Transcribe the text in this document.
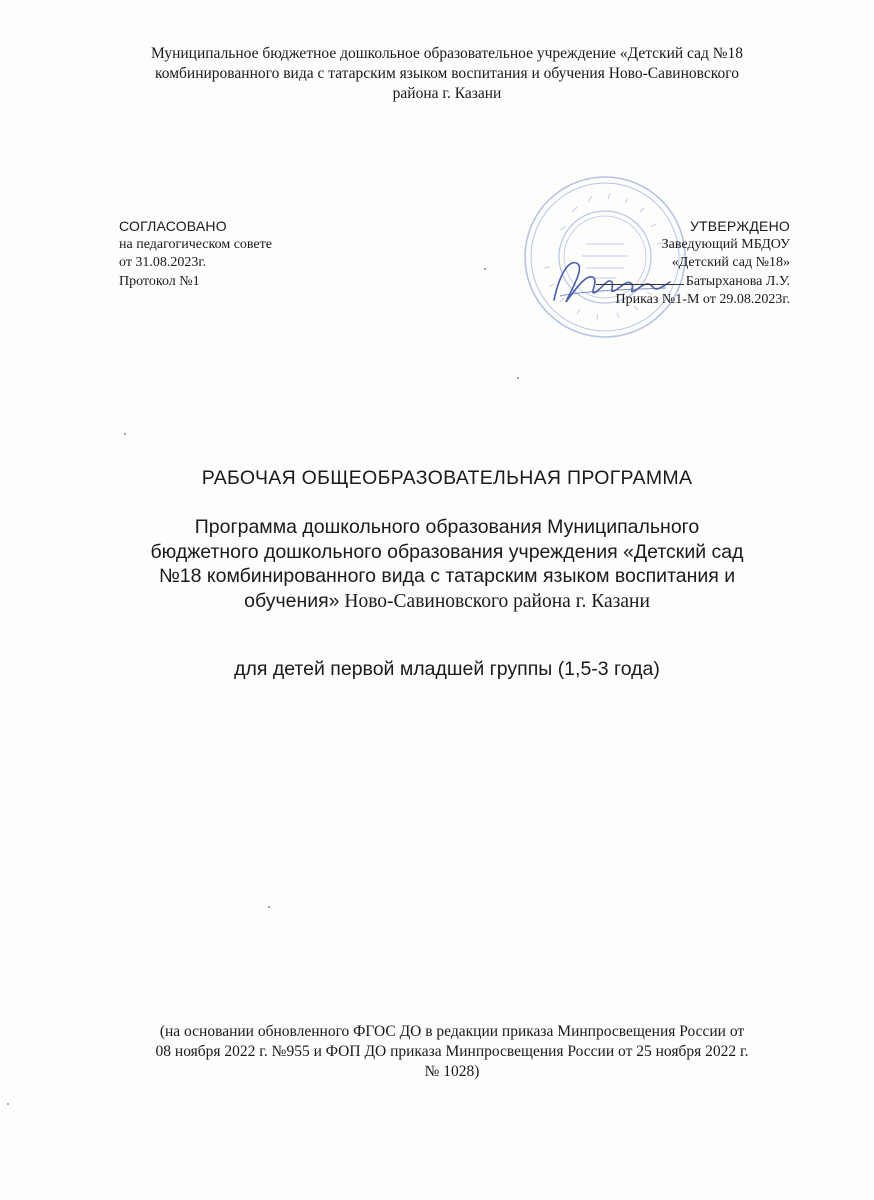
Муниципальное бюджетное дошкольное образовательное учреждение «Детский сад №18
комбинированного вида с татарским языком воспитания и обучения Ново-Савиновского
района г. Казани
СОГЛАСОВАНО
на педагогическом совете
от 31.08.2023г.
Протокол №1
УТВЕРЖДЕНО
Заведующий МБДОУ
«Детский сад №18»
Батырханова Л.У.
Приказ №1-М от 29.08.2023г.
РАБОЧАЯ ОБЩЕОБРАЗОВАТЕЛЬНАЯ ПРОГРАММА
Программа дошкольного образования Муниципального
бюджетного дошкольного образования учреждения «Детский сад
№18 комбинированного вида с татарским языком воспитания и
обучения» Ново-Савиновского района г. Казани
для детей первой младшей группы (1,5-3 года)
(на основании обновленного ФГОС ДО в редакции приказа Минпросвещения России от
08 ноября 2022 г. №955 и ФОП ДО приказа Минпросвещения России от 25 ноября 2022 г.
№ 1028)
